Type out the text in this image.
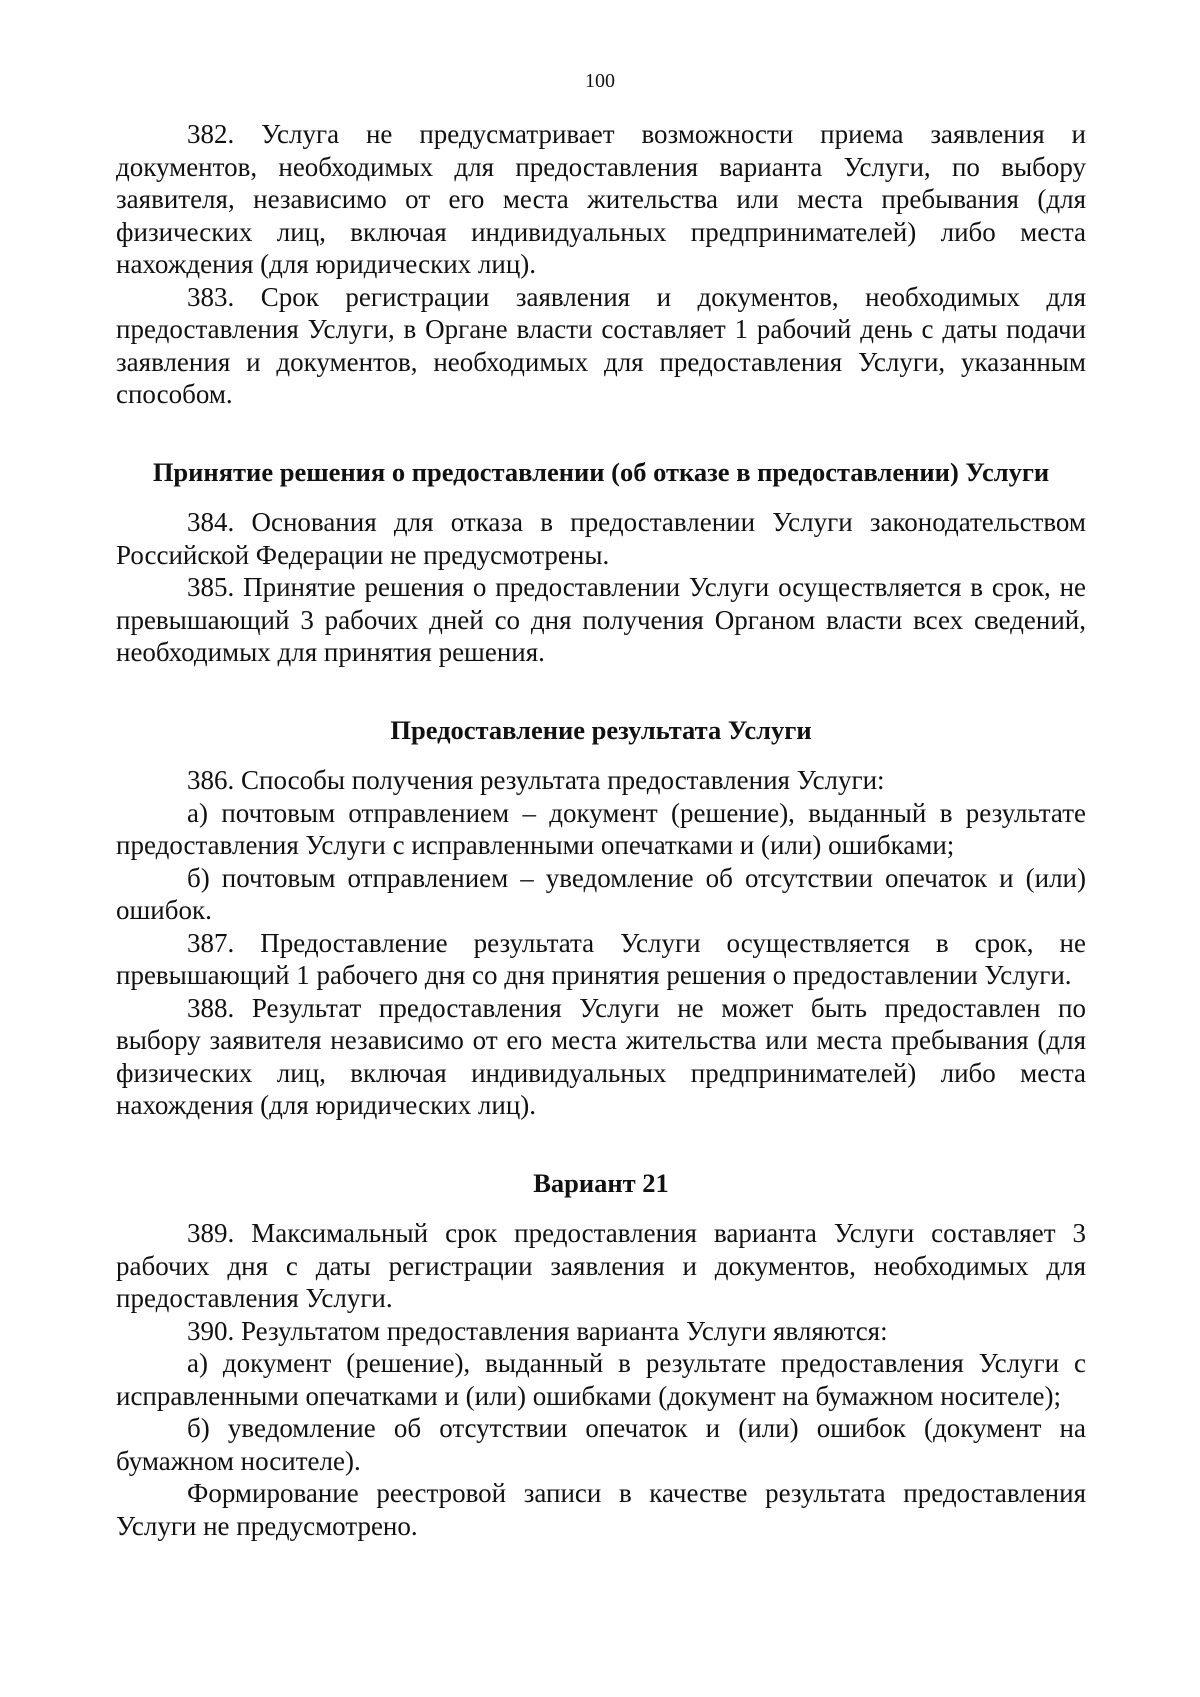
100

382. Услуга не предусматривает возможности приема заявления и документов, необходимых для предоставления варианта Услуги, по выбору заявителя, независимо от его места жительства или места пребывания (для физических лиц, включая индивидуальных предпринимателей) либо места нахождения (для юридических лиц).

383. Срок регистрации заявления и документов, необходимых для предоставления Услуги, в Органе власти составляет 1 рабочий день с даты подачи заявления и документов, необходимых для предоставления Услуги, указанным способом.

Принятие решения о предоставлении (об отказе в предоставлении) Услуги

384. Основания для отказа в предоставлении Услуги законодательством Российской Федерации не предусмотрены.

385. Принятие решения о предоставлении Услуги осуществляется в срок, не превышающий 3 рабочих дней со дня получения Органом власти всех сведений, необходимых для принятия решения.

Предоставление результата Услуги

386. Способы получения результата предоставления Услуги:

а) почтовым отправлением – документ (решение), выданный в результате предоставления Услуги с исправленными опечатками и (или) ошибками;

б) почтовым отправлением – уведомление об отсутствии опечаток и (или) ошибок.

387. Предоставление результата Услуги осуществляется в срок, не превышающий 1 рабочего дня со дня принятия решения о предоставлении Услуги.

388. Результат предоставления Услуги не может быть предоставлен по выбору заявителя независимо от его места жительства или места пребывания (для физических лиц, включая индивидуальных предпринимателей) либо места нахождения (для юридических лиц).

Вариант 21

389. Максимальный срок предоставления варианта Услуги составляет 3 рабочих дня с даты регистрации заявления и документов, необходимых для предоставления Услуги.

390. Результатом предоставления варианта Услуги являются:

а) документ (решение), выданный в результате предоставления Услуги с исправленными опечатками и (или) ошибками (документ на бумажном носителе);

б) уведомление об отсутствии опечаток и (или) ошибок (документ на бумажном носителе).

Формирование реестровой записи в качестве результата предоставления Услуги не предусмотрено.
